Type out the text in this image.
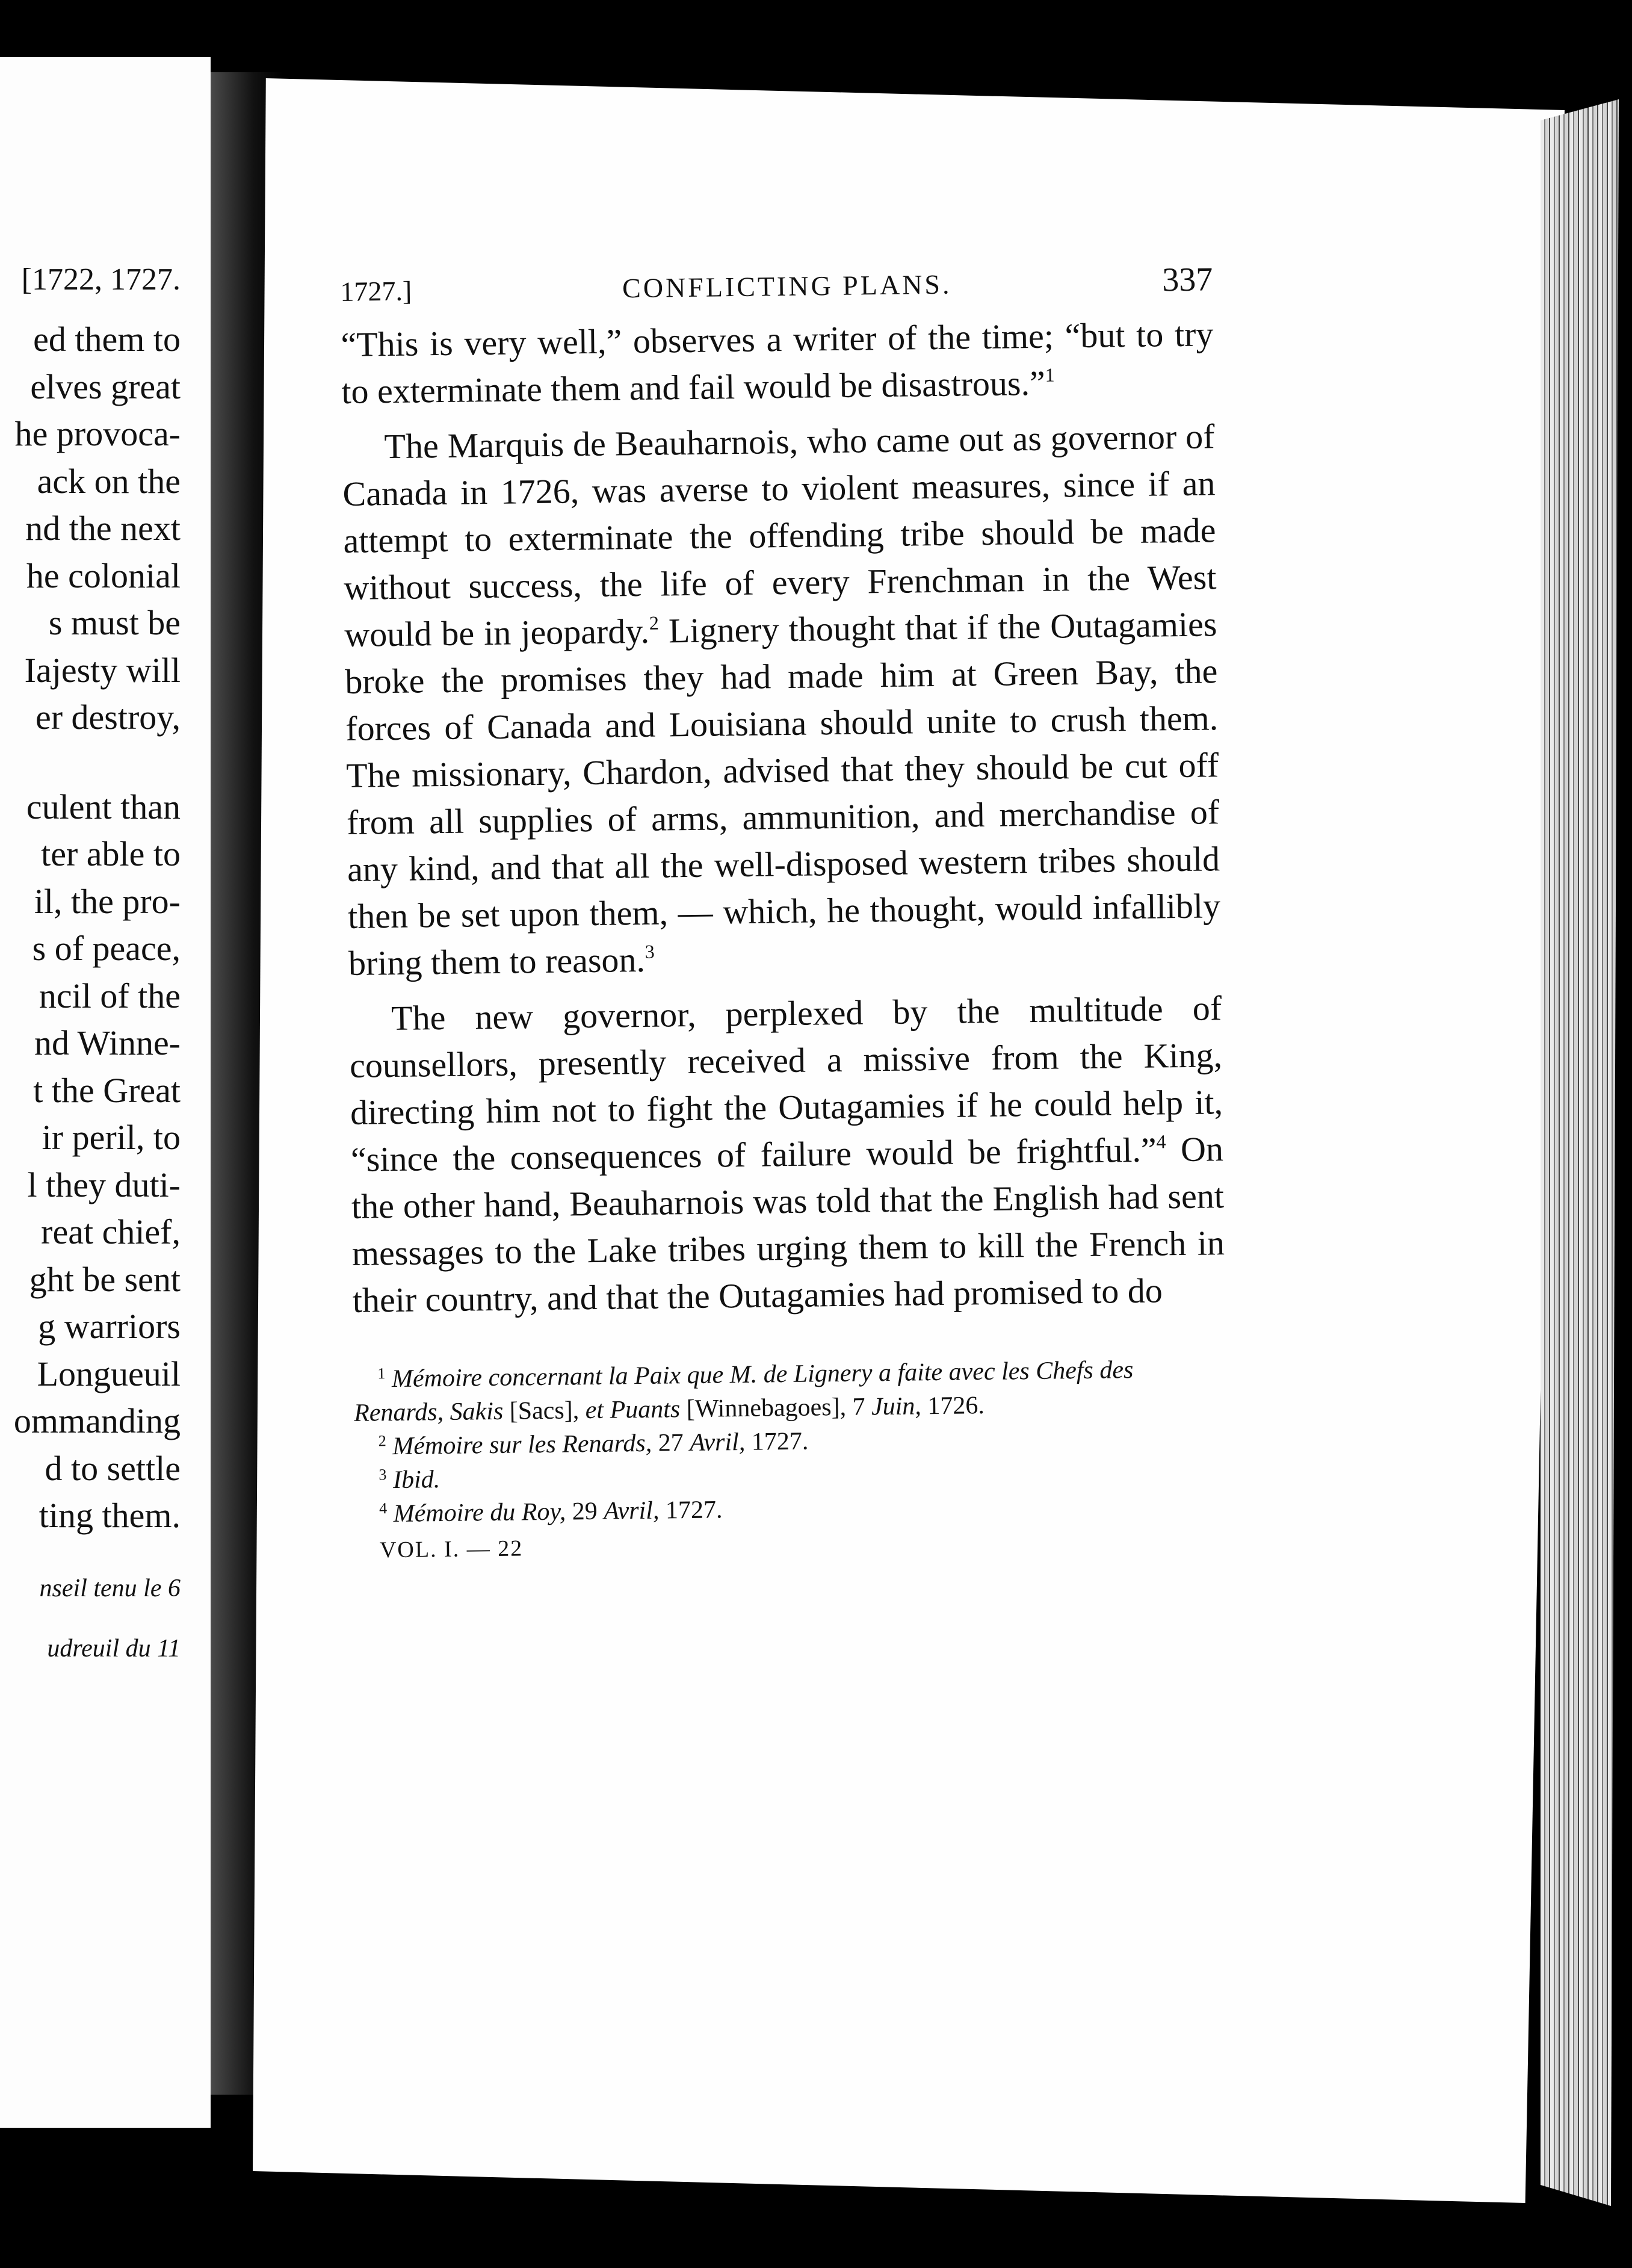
[1722, 1727.
ed them to
elves great
he provoca-
ack on the
nd the next
he colonial
s must be
Iajesty will
er destroy,
culent than
ter able to
il, the pro-
s of peace,
ncil of the
nd Winne-
t the Great
ir peril, to
l they duti-
reat chief,
ght be sent
g warriors
Longueuil
ommanding
d to settle
ting them.
nseil tenu le 6
udreuil du 11
1727.]	CONFLICTING PLANS.	337

“This is very well,” observes a writer of the time; “but to try to exterminate them and fail would be disastrous.”$^1$

The Marquis de Beauharnois, who came out as governor of Canada in 1726, was averse to violent measures, since if an attempt to exterminate the offending tribe should be made without success, the life of every Frenchman in the West would be in jeopardy.$^2$ Lignery thought that if the Outagamies broke the promises they had made him at Green Bay, the forces of Canada and Louisiana should unite to crush them. The missionary, Chardon, advised that they should be cut off from all supplies of arms, ammunition, and merchandise of any kind, and that all the well-disposed western tribes should then be set upon them, — which, he thought, would infallibly bring them to reason.$^3$

The new governor, perplexed by the multitude of counsellors, presently received a missive from the King, directing him not to fight the Outagamies if he could help it, “since the consequences of failure would be frightful.”$^4$ On the other hand, Beauharnois was told that the English had sent messages to the Lake tribes urging them to kill the French in their country, and that the Outagamies had promised to do

$^1$ Mémoire concernant la Paix que M. de Lignery a faite avec les Chefs des Renards, Sakis [Sacs], et Puants [Winnebagoes], 7 Juin, 1726.

$^2$ Mémoire sur les Renards, 27 Avril, 1727.

$^3$ Ibid.

$^4$ Mémoire du Roy, 29 Avril, 1727.

VOL. I. — 22
